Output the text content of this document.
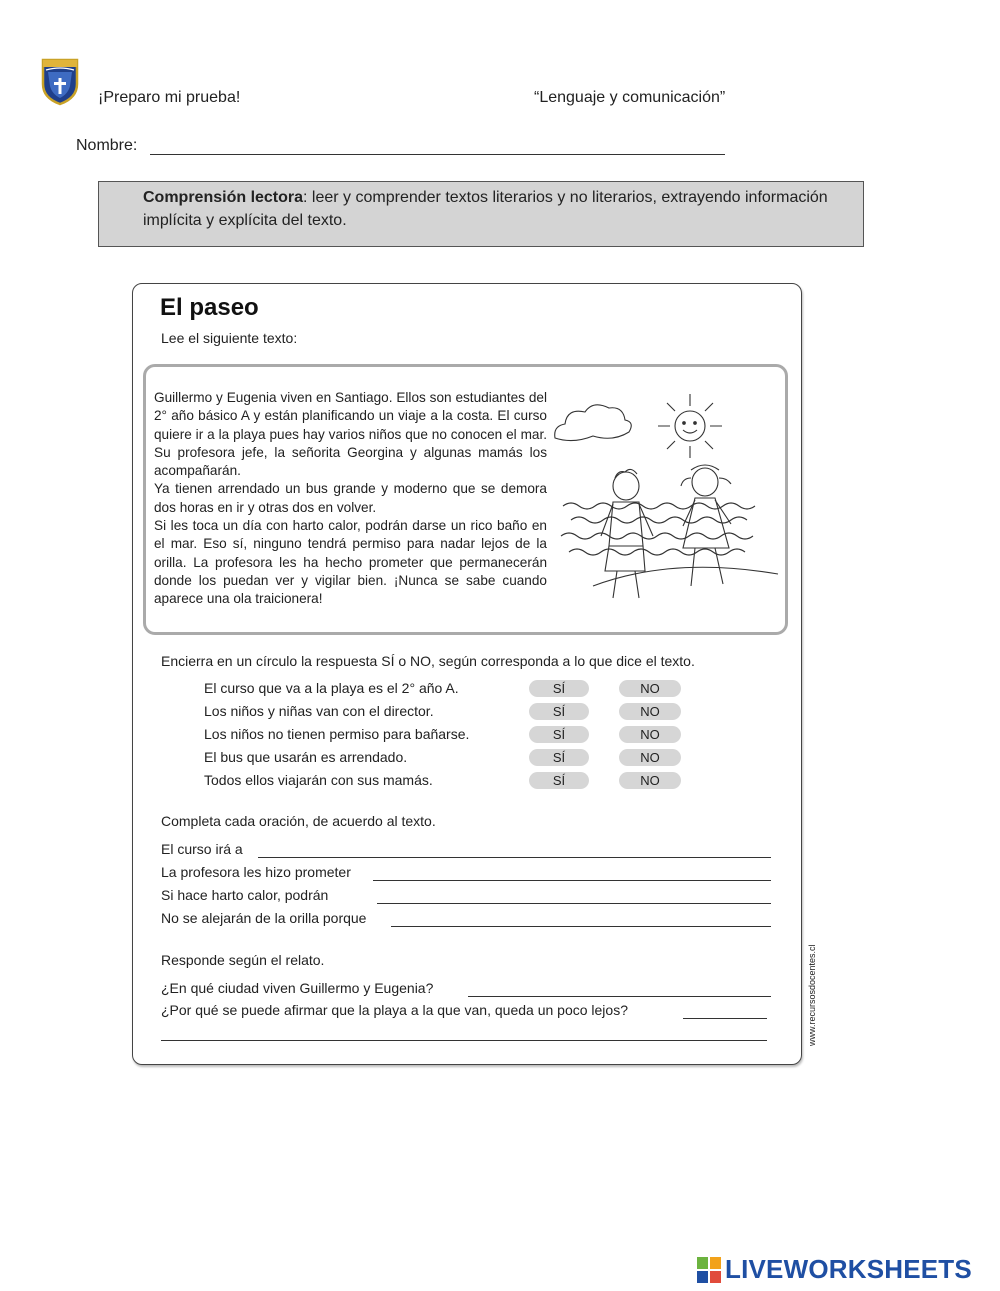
¡Preparo mi prueba!	“Lenguaje y comunicación”
Nombre:

Comprensión lectora: leer y comprender textos literarios y no literarios, extrayendo información implícita y explícita del texto.

El paseo
Lee el siguiente texto:

Guillermo y Eugenia viven en Santiago. Ellos son estudiantes del 2° año básico A y están planificando un viaje a la costa. El curso quiere ir a la playa pues hay varios niños que no conocen el mar. Su profesora jefe, la señorita Georgina y algunas mamás los acompañarán.

Ya tienen arrendado un bus grande y moderno que se demora dos horas en ir y otras dos en volver.

Si les toca un día con harto calor, podrán darse un rico baño en el mar. Eso sí, ninguno tendrá permiso para nadar lejos de la orilla. La profesora les ha hecho prometer que permanecerán donde los puedan ver y vigilar bien. ¡Nunca se sabe cuando aparece una ola traicionera!

Encierra en un círculo la respuesta SÍ o NO, según corresponda a lo que dice el texto.
El curso que va a la playa es el 2° año A.	SÍ	NO
Los niños y niñas van con el director.	SÍ	NO
Los niños no tienen permiso para bañarse.	SÍ	NO
El bus que usarán es arrendado.	SÍ	NO
Todos ellos viajarán con sus mamás.	SÍ	NO
Completa cada oración, de acuerdo al texto.
El curso irá a
La profesora les hizo prometer
Si hace harto calor, podrán
No se alejarán de la orilla porque
Responde según el relato.
¿En qué ciudad viven Guillermo y Eugenia?
¿Por qué se puede afirmar que la playa a la que van, queda un poco lejos?	www.recursosdocentes.cl
LIVEWORKSHEETS
